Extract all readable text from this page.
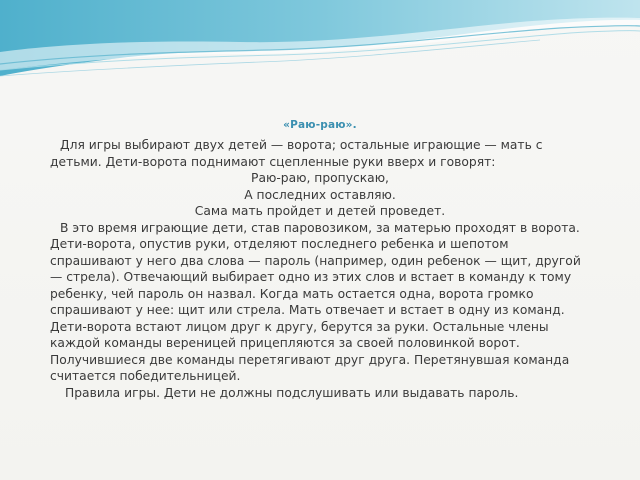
«Раю-раю».

Для игры выбирают двух детей — ворота; остальные играющие — мать с детьми. Дети-ворота поднимают сцепленные руки вверх и говорят:

Раю-раю, пропускаю,

А последних оставляю.

Сама мать пройдет и детей проведет.

В это время играющие дети, став паровозиком, за матерью проходят в ворота. Дети-ворота, опустив руки, отделяют последнего ребенка и шепотом спрашивают у него два слова — пароль (например, один ребенок — щит, другой — стрела). Отвечающий выбирает одно из этих слов и встает в команду к тому ребенку, чей пароль он назвал. Когда мать остается одна, ворота громко спрашивают у нее: щит или стрела. Мать отвечает и встает в одну из команд. Дети-ворота встают лицом друг к другу, берутся за руки. Остальные члены каждой команды вереницей прицепляются за своей половинкой ворот. Получившиеся две команды перетягивают друг друга. Перетянувшая команда считается победительницей.

Правила игры. Дети не должны подслушивать или выдавать пароль.
